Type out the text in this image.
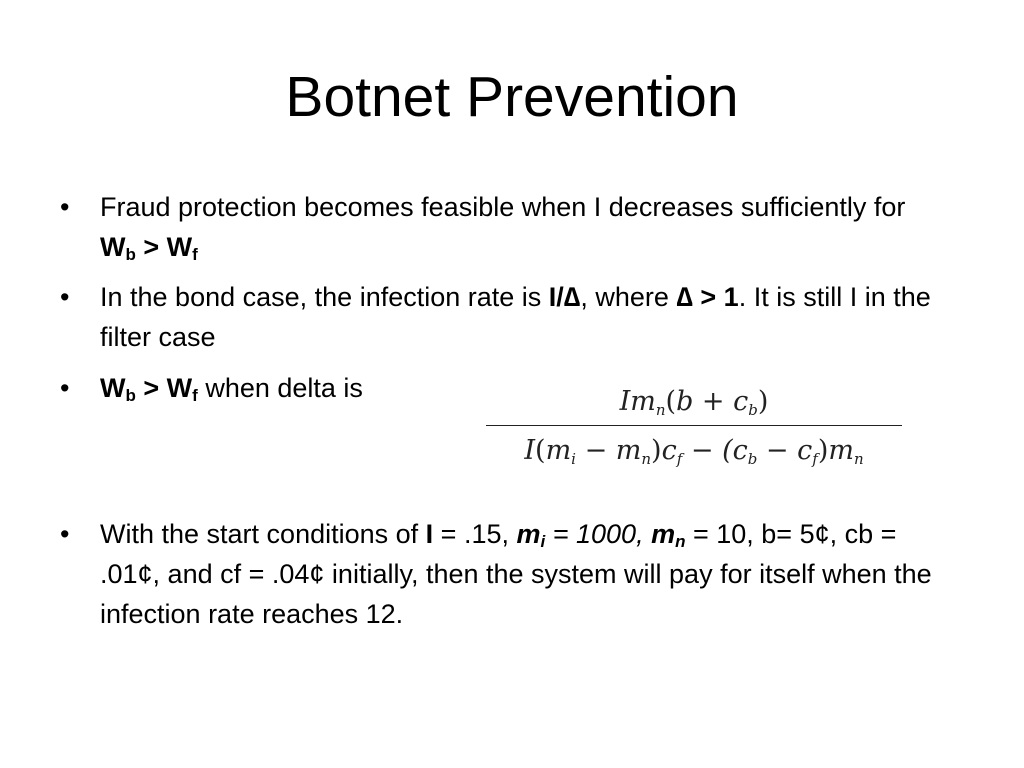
Botnet Prevention
• Fraud protection becomes feasible when I decreases sufficiently for $W_b > W_f$
• In the bond case, the infection rate is I/∆, where ∆ > 1. It is still I in the filter case
• $W_b > W_f$ when delta is	$Im_n(b + c_b)$
$I(m_i - m_n)c_f - (c_b - c_f)m_n$
• With the start conditions of I = .15, $m_i = 1000$, $m_n = 10$, b= 5¢, cb = .01¢, and cf = .04¢ initially, then the system will pay for itself when the infection rate reaches 12.
